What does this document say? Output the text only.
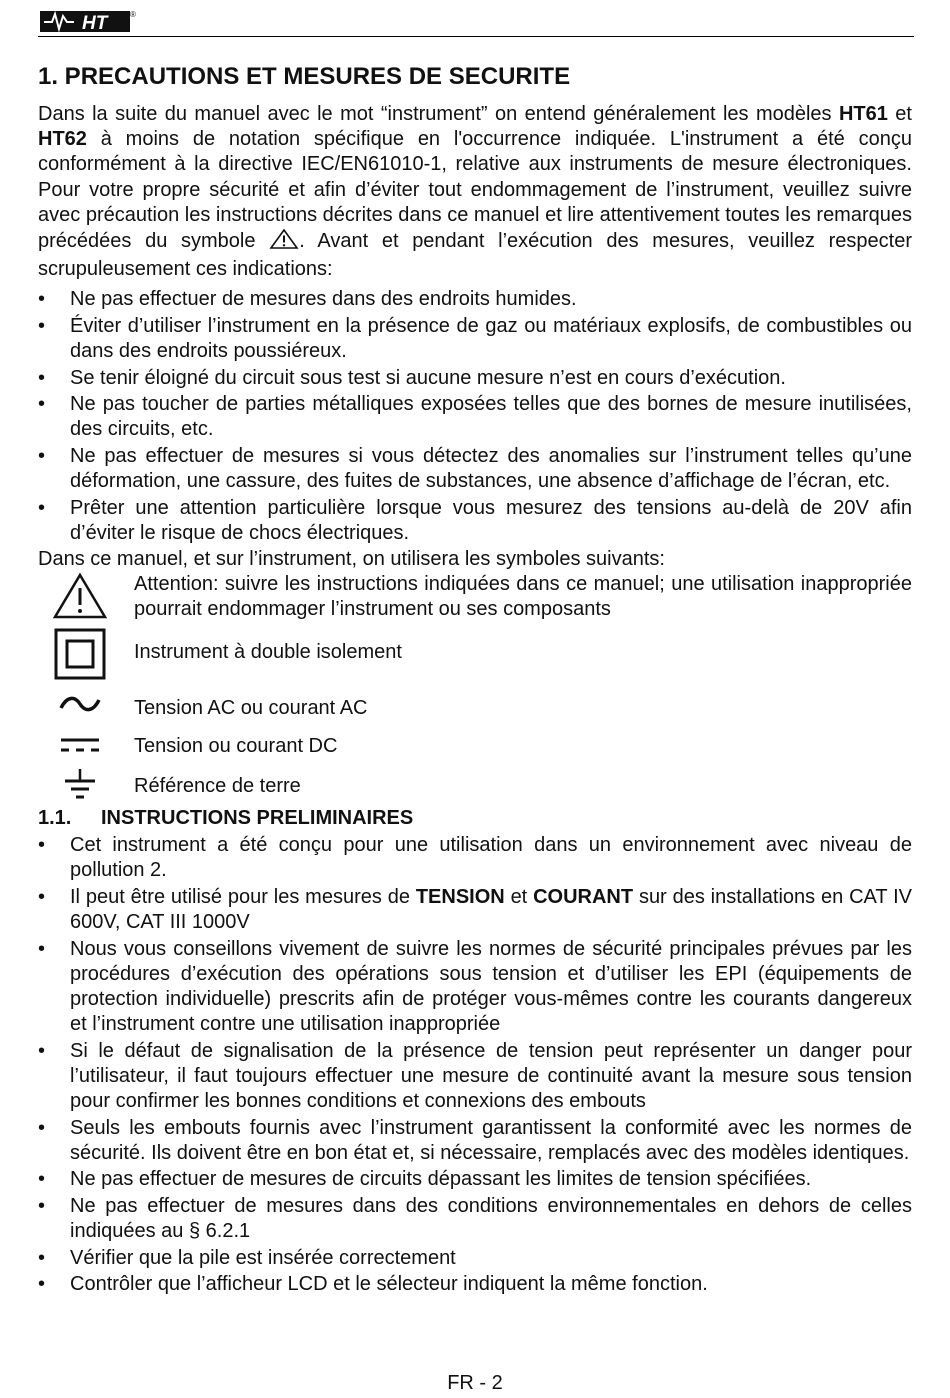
HT	®
1. PRECAUTIONS ET MESURES DE SECURITE

Dans la suite du manuel avec le mot “instrument” on entend généralement les modèles HT61 et HT62 à moins de notation spécifique en l'occurrence indiquée. L'instrument a été conçu conformément à la directive IEC/EN61010-1, relative aux instruments de mesure électroniques. Pour votre propre sécurité et afin d’éviter tout endommagement de l’instrument, veuillez suivre avec précaution les instructions décrites dans ce manuel et lire attentivement toutes les remarques précédées du symbole . Avant et pendant l’exécution des mesures, veuillez respecter scrupuleusement ces indications:

• Ne pas effectuer de mesures dans des endroits humides.
• Éviter d’utiliser l’instrument en la présence de gaz ou matériaux explosifs, de combustibles ou dans des endroits poussiéreux.
• Se tenir éloigné du circuit sous test si aucune mesure n’est en cours d’exécution.
• Ne pas toucher de parties métalliques exposées telles que des bornes de mesure inutilisées, des circuits, etc.
• Ne pas effectuer de mesures si vous détectez des anomalies sur l’instrument telles qu’une déformation, une cassure, des fuites de substances, une absence d’affichage de l’écran, etc.
• Prêter une attention particulière lorsque vous mesurez des tensions au-delà de 20V afin d’éviter le risque de chocs électriques.

Dans ce manuel, et sur l’instrument, on utilisera les symboles suivants:

Attention: suivre les instructions indiquées dans ce manuel; une utilisation inappropriée pourrait endommager l’instrument ou ses composants
Instrument à double isolement
Tension AC ou courant AC
Tension ou courant DC
Référence de terre
1.1. INSTRUCTIONS PRELIMINAIRES
• Cet instrument a été conçu pour une utilisation dans un environnement avec niveau de pollution 2.
• Il peut être utilisé pour les mesures de TENSION et COURANT sur des installations en CAT IV 600V, CAT III 1000V
• Nous vous conseillons vivement de suivre les normes de sécurité principales prévues par les procédures d’exécution des opérations sous tension et d’utiliser les EPI (équipements de protection individuelle) prescrits afin de protéger vous-mêmes contre les courants dangereux et l’instrument contre une utilisation inappropriée
• Si le défaut de signalisation de la présence de tension peut représenter un danger pour l’utilisateur, il faut toujours effectuer une mesure de continuité avant la mesure sous tension pour confirmer les bonnes conditions et connexions des embouts
• Seuls les embouts fournis avec l’instrument garantissent la conformité avec les normes de sécurité. Ils doivent être en bon état et, si nécessaire, remplacés avec des modèles identiques.
• Ne pas effectuer de mesures de circuits dépassant les limites de tension spécifiées.
• Ne pas effectuer de mesures dans des conditions environnementales en dehors de celles indiquées au § 6.2.1
• Vérifier que la pile est insérée correctement
• Contrôler que l’afficheur LCD et le sélecteur indiquent la même fonction.
FR - 2
